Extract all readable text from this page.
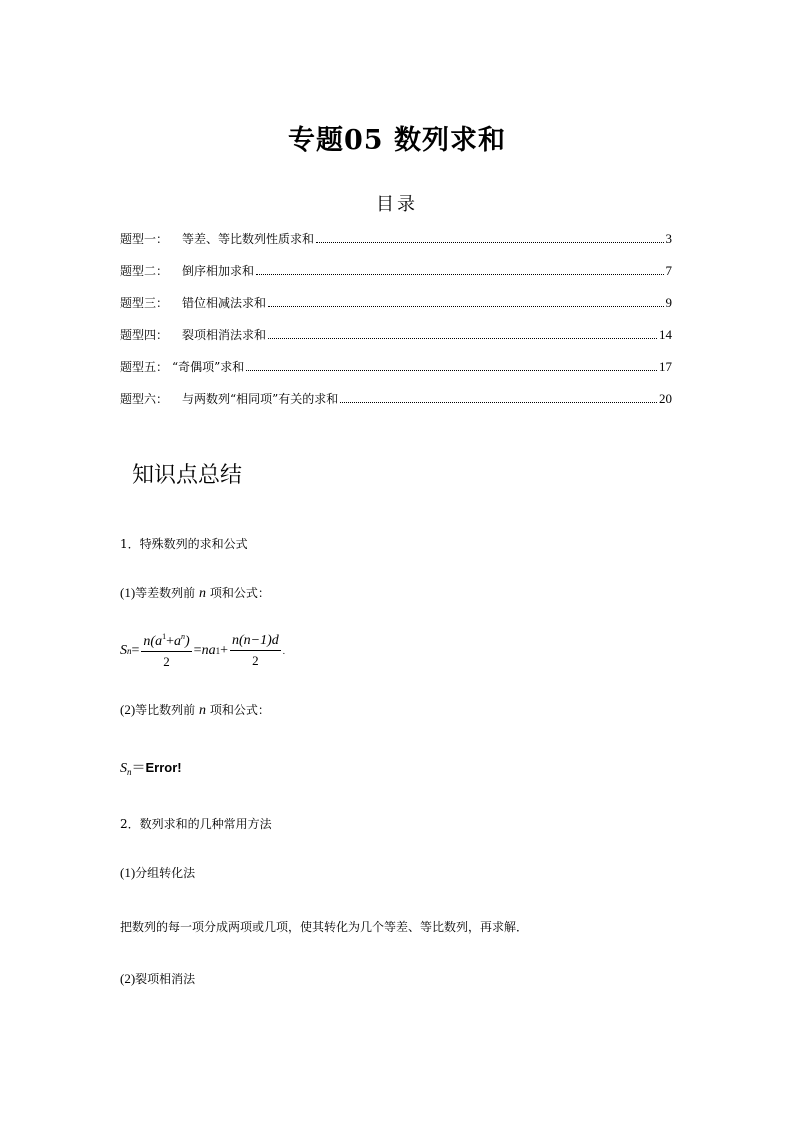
专题05 数列求和
目录
题型一： 等差、等比数列性质求和	3
题型二： 倒序相加求和	7
题型三： 错位相减法求和	9
题型四： 裂项相消法求和	14
题型五： “奇偶项”求和	17
题型六： 与两数列“相同项”有关的求和	20
知识点总结
1．特殊数列的求和公式
(1)等差数列前 n 项和公式：
S $n = \frac{n(a^1+a^n)}{2}$ = na $1 + \frac{n(n-1)d}{2}$ .
(2)等比数列前 n 项和公式：
$S_n=Error$!
2．数列求和的几种常用方法
(1)分组转化法
把数列的每一项分成两项或几项，使其转化为几个等差、等比数列，再求解．
(2)裂项相消法
